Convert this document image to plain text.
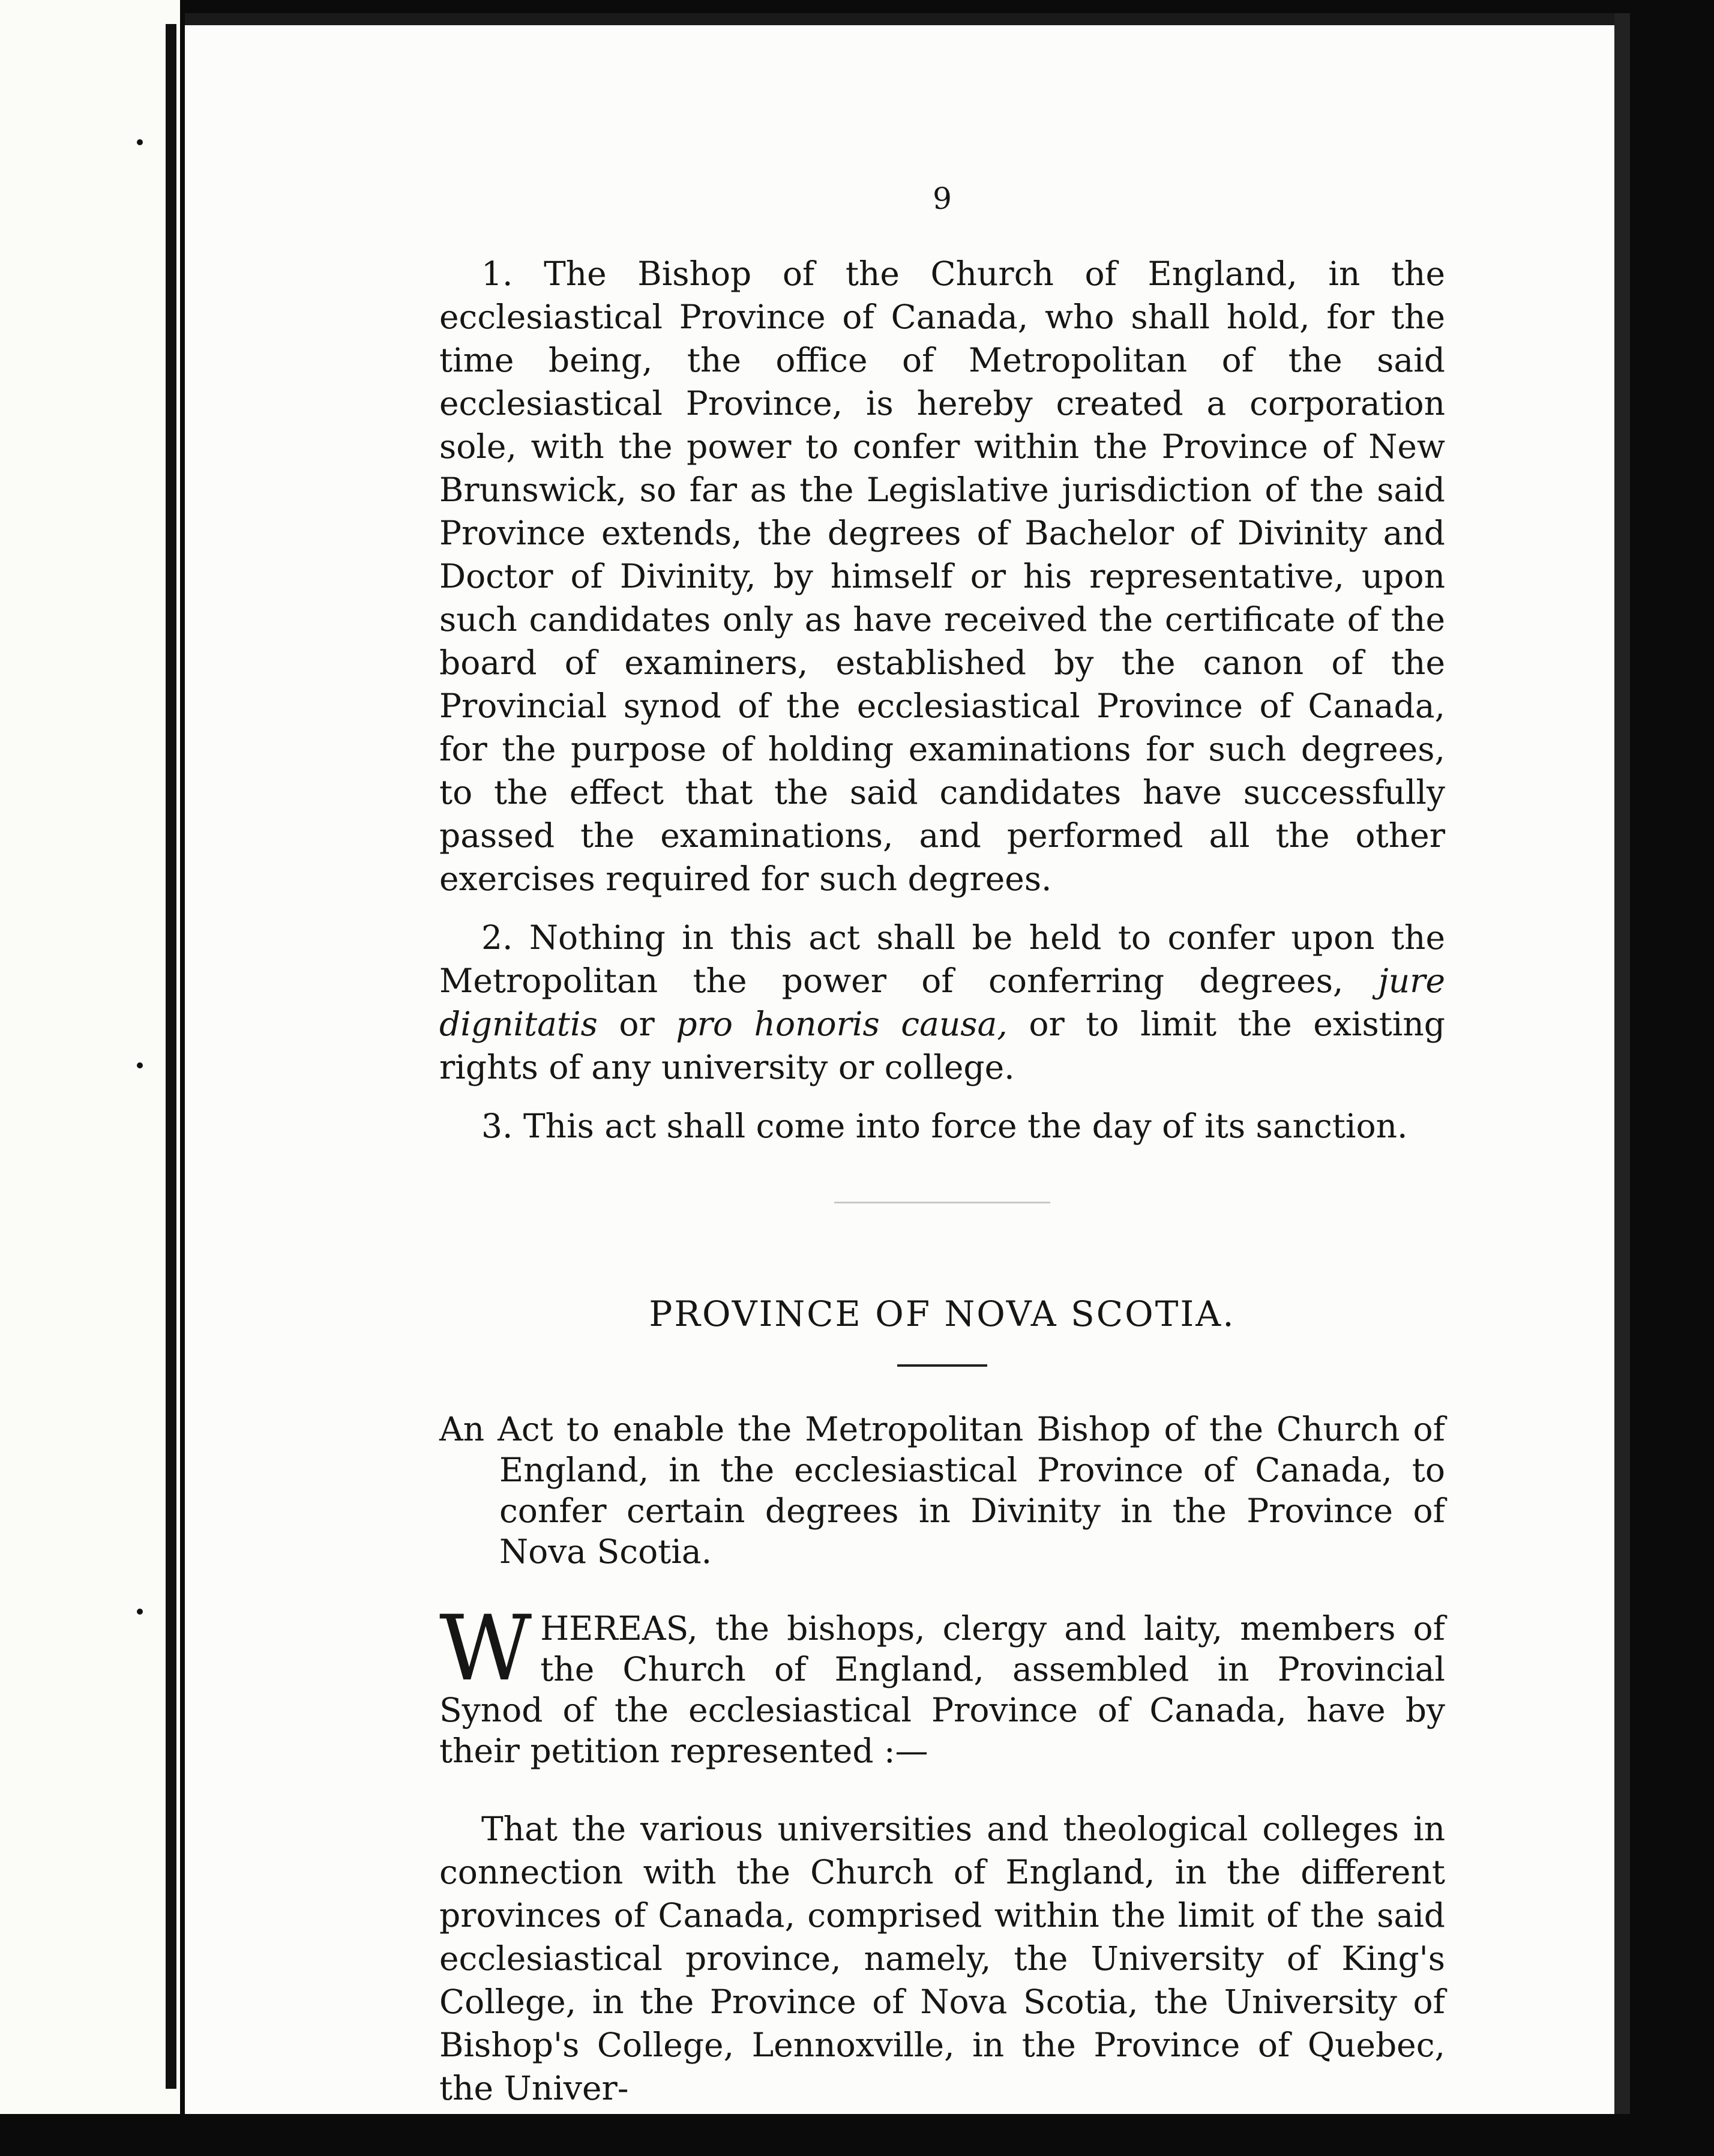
9

1. The Bishop of the Church of England, in the ecclesiastical Province of Canada, who shall hold, for the time being, the office of Metropolitan of the said ecclesiastical Province, is hereby created a corporation sole, with the power to confer within the Province of New Brunswick, so far as the Legislative jurisdiction of the said Province extends, the degrees of Bachelor of Divinity and Doctor of Divinity, by himself or his representative, upon such candidates only as have received the certificate of the board of examiners, established by the canon of the Provincial synod of the ecclesiastical Province of Canada, for the purpose of holding examinations for such degrees, to the effect that the said candidates have successfully passed the examinations, and performed all the other exercises required for such degrees.

2. Nothing in this act shall be held to confer upon the Metropolitan the power of conferring degrees, jure dignitatis or pro honoris causa, or to limit the existing rights of any university or college.

3. This act shall come into force the day of its sanction.

PROVINCE OF NOVA SCOTIA.

An Act to enable the Metropolitan Bishop of the Church of England, in the ecclesiastical Province of Canada, to confer certain degrees in Divinity in the Province of Nova Scotia.

W HEREAS, the bishops, clergy and laity, members of the Church of England, assembled in Provincial Synod of the ecclesiastical Province of Canada, have by their petition represented :—

That the various universities and theological colleges in connection with the Church of England, in the different provinces of Canada, comprised within the limit of the said ecclesiastical province, namely, the University of King's College, in the Province of Nova Scotia, the University of Bishop's College, Lennoxville, in the Province of Quebec, the Univer-
